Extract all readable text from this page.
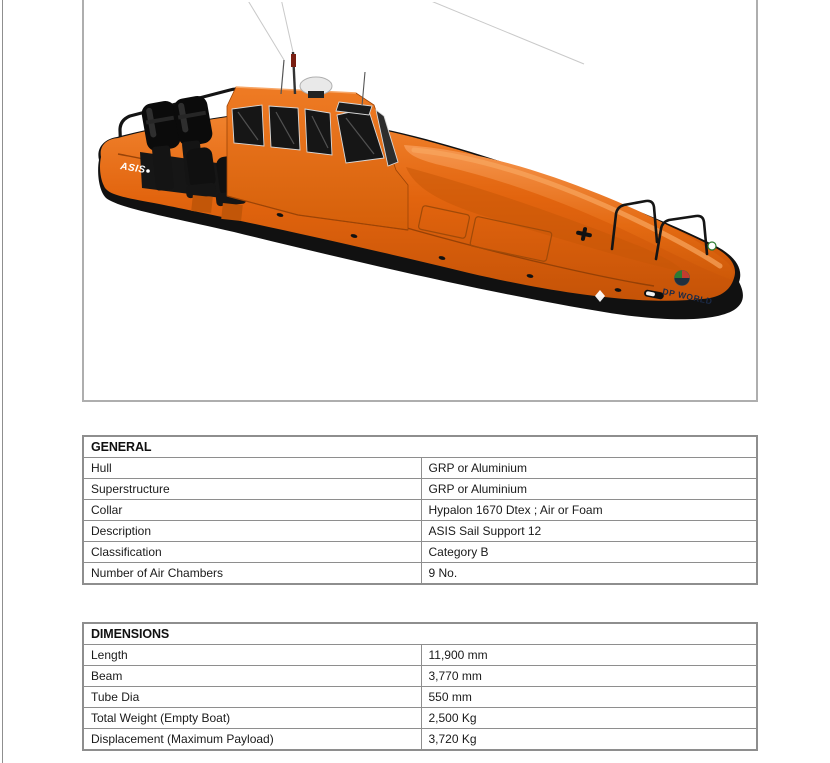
ASIS
DP WORLD
GENERAL	
Hull	GRP or Aluminium
Superstructure	GRP or Aluminium
Collar	Hypalon 1670 Dtex ; Air or Foam
Description	ASIS Sail Support 12
Classification	Category B
Number of Air Chambers	9 No.
DIMENSIONS	
Length	11,900 mm
Beam	3,770 mm
Tube Dia	550 mm
Total Weight (Empty Boat)	2,500 Kg
Displacement (Maximum Payload)	3,720 Kg
